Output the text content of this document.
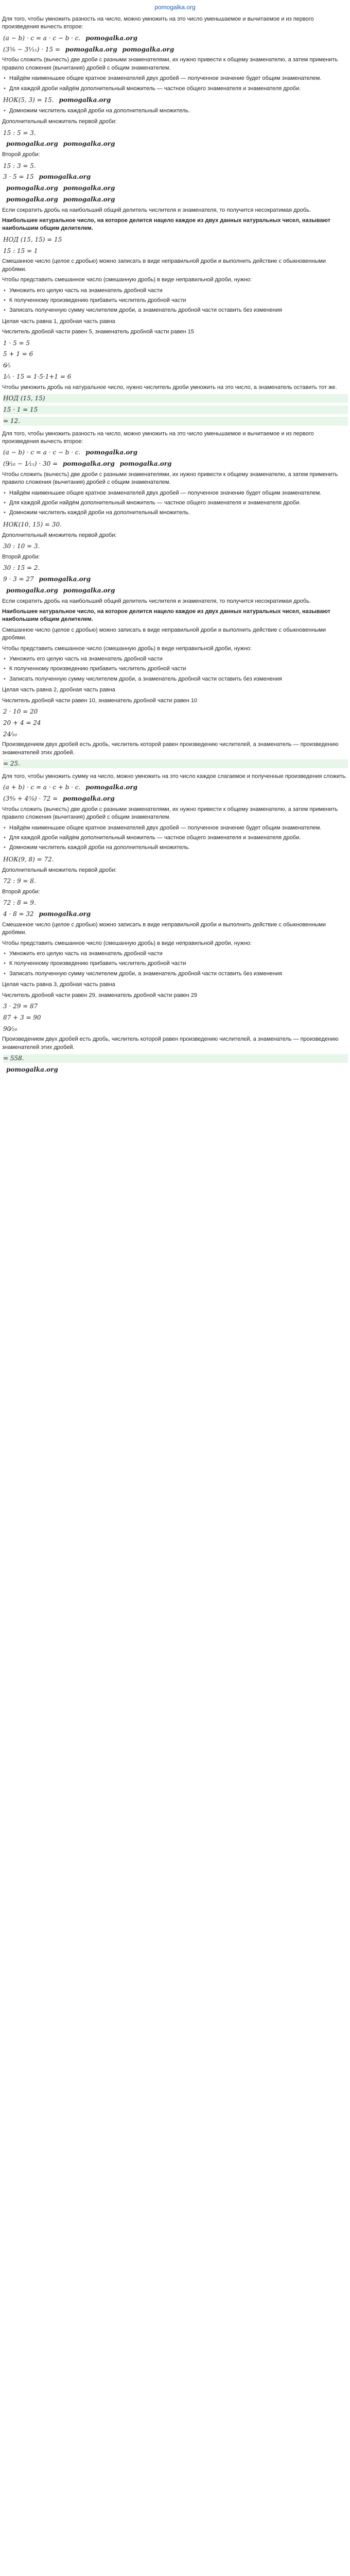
pomogalka.org

Для того, чтобы умножить разность на число, можно умножить на это число уменьшаемое и вычитаемое и из первого произведения вычесть второе:

(a − b) · c = a · c − b · c. pomogalka.org
(3⁵⁄₆ − 3¹⁄₁₅) · 15 = pomogalka.org pomogalka.org

Чтобы сложить (вычесть) две дроби с разными знаменателями, их нужно привести к общему знаменателю, а затем применить правило сложения (вычитания) дробей с общим знаменателем.

• Найдём наименьшее общее кратное знаменателей двух дробей — полученное значение будет общим знаменателем.
• Для каждой дроби найдём дополнительный множитель — частное общего знаменателя и знаменателя дроби.
НОК(5, 3) = 15. pomogalka.org
• Домножим числитель каждой дроби на дополнительный множитель.

Дополнительный множитель первой дроби:

15 : 5 = 3.
pomogalka.org pomogalka.org

Второй дроби:

15 : 3 = 5.
3 · 5 = 15 pomogalka.org
pomogalka.org pomogalka.org
pomogalka.org pomogalka.org

Если сократить дробь на наибольший общий делитель числителя и знаменателя, то получится несократимая дробь.

Наибольшее натуральное число, на которое делится нацело каждое из двух данных натуральных чисел, называют наибольшим общим делителем.

НОД (15, 15) = 15
15 : 15 = 1

Смешанное число (целое с дробью) можно записать в виде неправильной дроби и выполнить действие с обыкновенными дробями.

Чтобы представить смешанное число (смешанную дробь) в виде неправильной дроби, нужно:

• Умножить его целую часть на знаменатель дробной части
• К полученному произведению прибавить числитель дробной части
• Записать полученную сумму числителем дроби, а знаменатель дробной части оставить без изменения

Целая часть равна 1, дробная часть равна

Числитель дробной части равен 5, знаменатель дробной части равен 15

1 · 5 = 5
5 + 1 = 6
6⁄₅
1⁄₅ · 15 = 1·5·1+1 = 6

Чтобы умножить дробь на натуральное число, нужно числитель дроби умножить на это число, а знаменатель оставить тот же.

НОД (15, 15)
15 · 1 = 15
= 12.

Для того, чтобы умножить разность на число, можно умножить на это число уменьшаемое и вычитаемое и из первого произведения вычесть второе:

(a − b) · c = a · c − b · c. pomogalka.org
(9⁄₁₀ − 1⁄₁₅) · 30 = pomogalka.org pomogalka.org

Чтобы сложить (вычесть) две дроби с разными знаменателями, их нужно привести к общему знаменателю, а затем применить правило сложения (вычитания) дробей с общим знаменателем.

• Найдём наименьшее общее кратное знаменателей двух дробей — полученное значение будет общим знаменателем.
• Для каждой дроби найдём дополнительный множитель — частное общего знаменателя и знаменателя дроби.
• Домножим числитель каждой дроби на дополнительный множитель.
НОК(10, 15) = 30.

Дополнительный множитель первой дроби:

30 : 10 = 3.

Второй дроби:

30 : 15 = 2.
9 · 3 = 27 pomogalka.org
pomogalka.org pomogalka.org

Если сократить дробь на наибольший общий делитель числителя и знаменателя, то получится несократимая дробь.

Наибольшее натуральное число, на которое делится нацело каждое из двух данных натуральных чисел, называют наибольшим общим делителем.

Смешанное число (целое с дробью) можно записать в виде неправильной дроби и выполнить действие с обыкновенными дробями.

Чтобы представить смешанное число (смешанную дробь) в виде неправильной дроби, нужно:

• Умножить его целую часть на знаменатель дробной части
• К полученному произведению прибавить числитель дробной части
• Записать полученную сумму числителем дроби, а знаменатель дробной части оставить без изменения

Целая часть равна 2, дробная часть равна

Числитель дробной части равен 10, знаменатель дробной части равен 10

2 · 10 = 20
20 + 4 = 24
24⁄₁₀

Произведением двух дробей есть дробь, числитель которой равен произведению числителей, а знаменатель — произведению знаменателей этих дробей.

= 25.

Для того, чтобы умножить сумму на число, можно умножить на это число каждое слагаемое и полученные произведения сложить.

(a + b) · c = a · c + b · c. pomogalka.org
(3⁴⁄₉ + 4⁵⁄₈) · 72 = pomogalka.org

Чтобы сложить (вычесть) две дроби с разными знаменателями, их нужно привести к общему знаменателю, а затем применить правило сложения (вычитания) дробей с общим знаменателем.

• Найдём наименьшее общее кратное знаменателей двух дробей — полученное значение будет общим знаменателем.
• Для каждой дроби найдём дополнительный множитель — частное общего знаменателя и знаменателя дроби.
• Домножим числитель каждой дроби на дополнительный множитель.
НОК(9, 8) = 72.

Дополнительный множитель первой дроби:

72 : 9 = 8.

Второй дроби:

72 : 8 = 9.
4 · 8 = 32 pomogalka.org

Смешанное число (целое с дробью) можно записать в виде неправильной дроби и выполнить действие с обыкновенными дробями.

Чтобы представить смешанное число (смешанную дробь) в виде неправильной дроби, нужно:

• Умножить его целую часть на знаменатель дробной части
• К полученному произведению прибавить числитель дробной части
• Записать полученную сумму числителем дроби, а знаменатель дробной части оставить без изменения

Целая часть равна 3, дробная часть равна

Числитель дробной части равен 29, знаменатель дробной части равен 29

3 · 29 = 87
87 + 3 = 90
90⁄₂₉

Произведением двух дробей есть дробь, числитель которой равен произведению числителей, а знаменатель — произведению знаменателей этих дробей.

= 558.
pomogalka.org
